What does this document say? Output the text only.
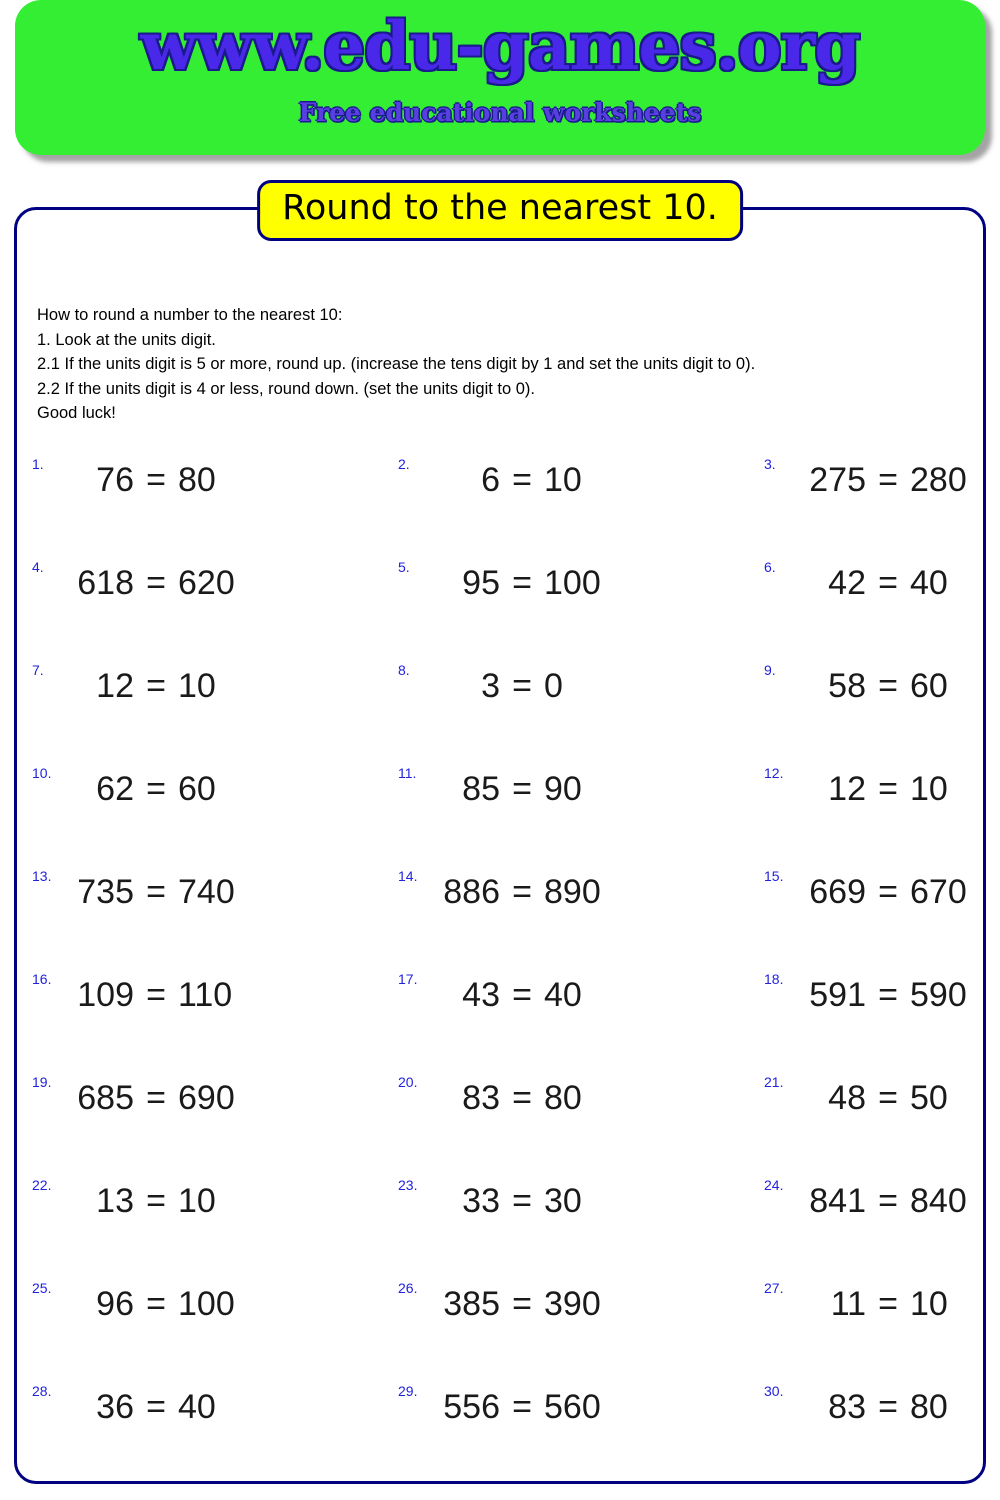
www.edu-games.org
Free educational worksheets
Round to the nearest 10.
How to round a number to the nearest 10:
1. Look at the units digit.
2.1 If the units digit is 5 or more, round up. (increase the tens digit by 1 and set the units digit to 0).
2.2 If the units digit is 4 or less, round down. (set the units digit to 0).
Good luck!
1.	76 = 80	2.	6 = 10	3. 275 = 280
4. 618 = 620	5.	95 = 100	6.	42 = 40
7.	12 = 10	8.	3 = 0	9.	58 = 60
10.	62 = 60	11.	85 = 90	12.	12 = 10
13. 735 = 740	14. 886 = 890	15. 669 = 670
16. 109 = 110	17.	43 = 40	18. 591 = 590
19. 685 = 690	20.	83 = 80	21.	48 = 50
22.	13 = 10	23.	33 = 30	24. 841 = 840
25.	96 = 100	26. 385 = 390	27.	11 = 10
28.	36 = 40	29. 556 = 560	30.	83 = 80
